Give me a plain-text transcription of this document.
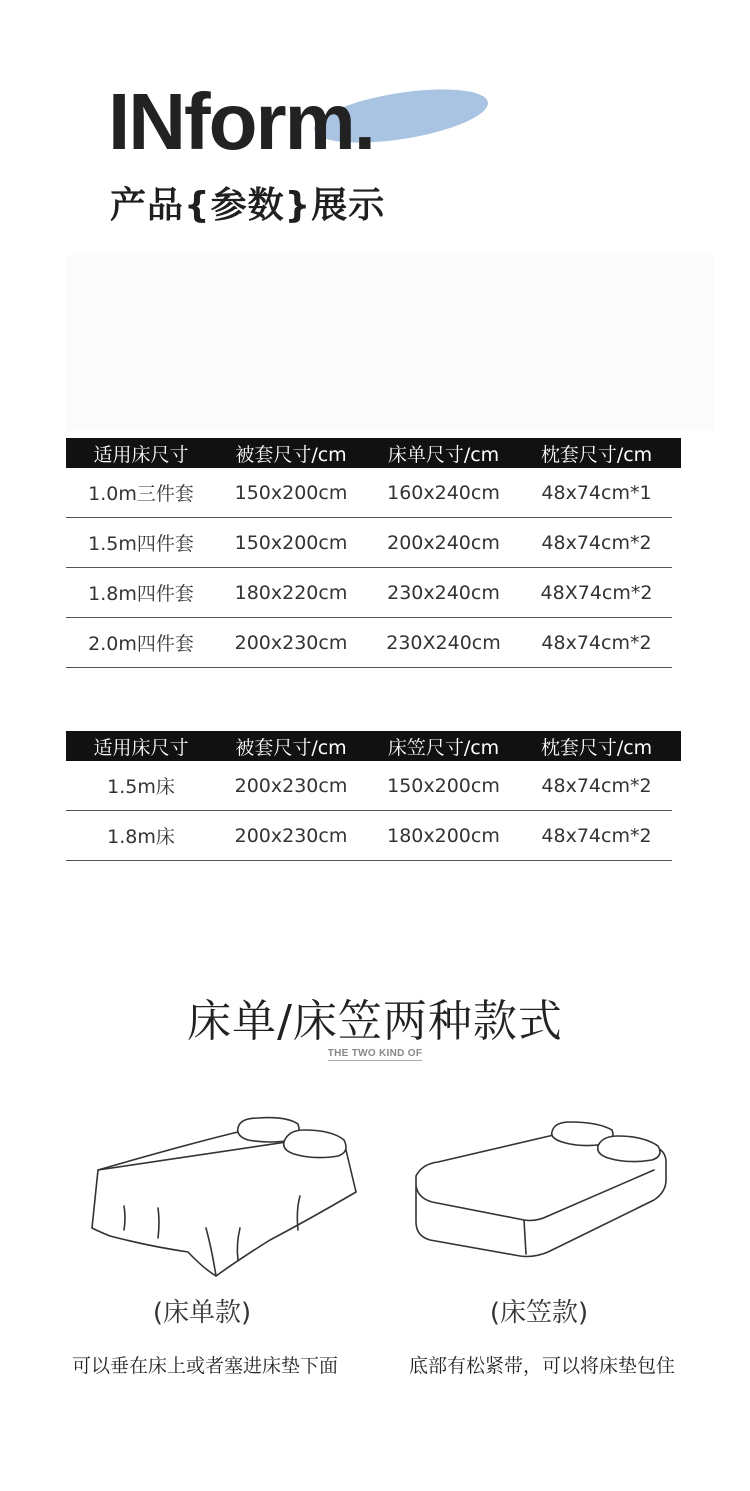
INform.
产品{参数}展示
适用床尺寸	被套尺寸/cm	床单尺寸/cm	枕套尺寸/cm
1.0m三件套	150x200cm	160x240cm	48x74cm*1
1.5m四件套	150x200cm	200x240cm	48x74cm*2
1.8m四件套	180x220cm	230x240cm	48X74cm*2
2.0m四件套	200x230cm	230X240cm	48x74cm*2
适用床尺寸	被套尺寸/cm	床笠尺寸/cm	枕套尺寸/cm
1.5m床	200x230cm	150x200cm	48x74cm*2
1.8m床	200x230cm	180x200cm	48x74cm*2
床单/床笠两种款式
THE TWO KIND OF
(床单款)	(床笠款)
可以垂在床上或者塞进床垫下面	底部有松紧带，可以将床垫包住
